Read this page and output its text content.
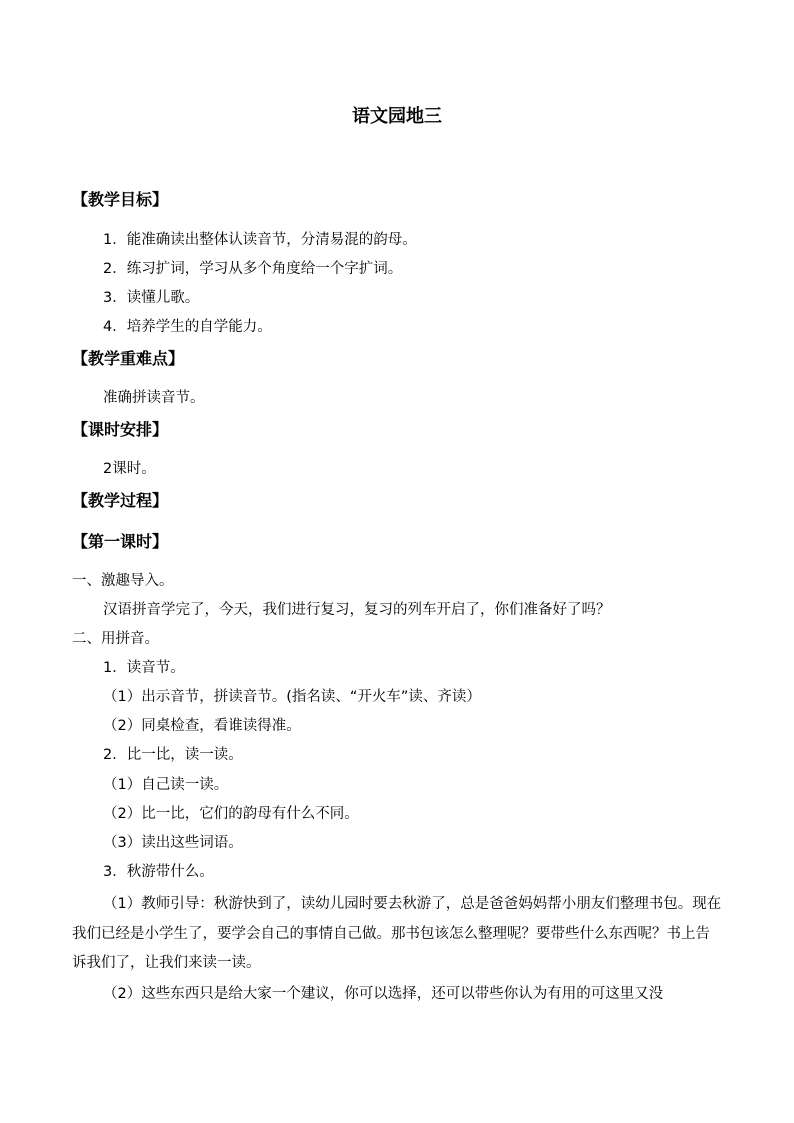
语文园地三
【教学目标】
1．能准确读出整体认读音节，分清易混的韵母。
2．练习扩词，学习从多个角度给一个字扩词。
3．读懂儿歌。
4．培养学生的自学能力。
【教学重难点】
准确拼读音节。
【课时安排】
2课时。
【教学过程】
【第一课时】
一、激趣导入。
汉语拼音学完了，今天，我们进行复习，复习的列车开启了，你们准备好了吗？
二、用拼音。
1．读音节。
（1）出示音节，拼读音节。(指名读、“开火车”读、齐读）
（2）同桌检查，看谁读得准。
2．比一比，读一读。
（1）自己读一读。
（2）比一比，它们的韵母有什么不同。
（3）读出这些词语。
3．秋游带什么。
（1）教师引导：秋游快到了，读幼儿园时要去秋游了，总是爸爸妈妈帮小朋友们整理书包。现在我们已经是小学生了，要学会自己的事情自己做。那书包该怎么整理呢？要带些什么东西呢？书上告诉我们了，让我们来读一读。
（2）这些东西只是给大家一个建议，你可以选择，还可以带些你认为有用的可这里又没
